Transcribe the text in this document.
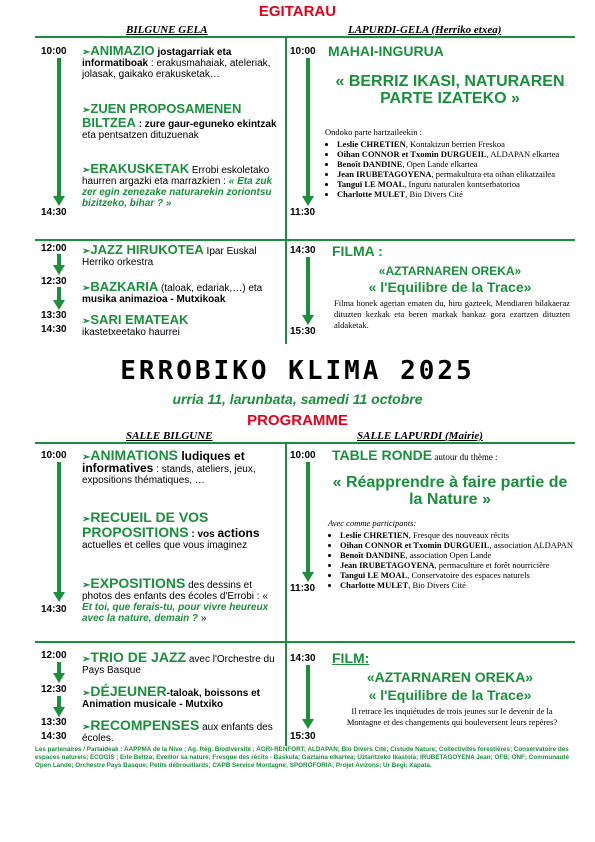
EGITARAU
BILGUNE GELA	LAPURDI-GELA (Herriko etxea)
10:00
14:30
➢ANIMAZIO jostagarriak eta informatiboak : erakusmahaiak, ateleriak, jolasak, gaikako erakusketak…
➢ZUEN PROPOSAMENEN BILTZEA : zure gaur-eguneko ekintzak eta pentsatzen dituzuenak
➢ERAKUSKETAK Errobi eskoletako haurren argazki eta marrazkien : « Eta zuk zer egin zenezake naturarekin zoriontsu bizitzeko, bihar ? »
10:00
11:30
MAHAI-INGURUA
« BERRIZ IKASI, NATURAREN PARTE IZATEKO »
Ondoko parte hartzaileekin :
• Leslie CHRETIEN, Kontakizun berrien Freskoa
• Oihan CONNOR et Txomin DURGUEIL, ALDAPAN elkartea
• Benoît DANDINE, Open Lande elkartea
• Jean IRUBETAGOYENA, permakultura eta oihan elikatzailea
• Tanguï LE MOAL, Inguru naturalen kontserbatorioa
• Charlotte MULET, Bio Divers Cité
12:00
12:30
13:30
14:30
➢JAZZ HIRUKOTEA Ipar Euskal Herriko orkestra
➢BAZKARIA (taloak, edariak,…) eta musika animazioa - Mutxikoak
➢SARI EMATEAK
ikastetxeetako haurrei
14:30
15:30
FILMA :
«AZTARNAREN OREKA»
« l'Equilibre de la Trace»
Filma honek agerian ematen du, hiru gazteek, Mendiaren bilakaeraz dituzten kezkak eta beren markak hankaz gora ezartzen dituzten aldaketak.
ERROBIKO KLIMA 2025
urria 11, larunbata, samedi 11 octobre
PROGRAMME
SALLE BILGUNE	SALLE LAPURDI (Mairie)
10:00
14:30
➢ANIMATIONS ludiques et informatives : stands, ateliers, jeux, expositions thématiques, …
➢RECUEIL DE VOS PROPOSITIONS : vos actions actuelles et celles que vous imaginez
➢EXPOSITIONS des dessins et photos des enfants des écoles d'Errobi : « Et toi, que ferais-tu, pour vivre heureux avec la nature, demain ? »
10:00
11:30
TABLE RONDE autour du thème :
« Réapprendre à faire partie de la Nature »
Avec comme participants:
• Leslie CHRETIEN, Fresque des nouveaux récits
• Oihan CONNOR et Txomin DURGUEIL, association ALDAPAN
• Benoît DANDINE, association Open Lande
• Jean IRUBETAGOYENA, permaculture et forêt nourricière
• Tanguï LE MOAL, Conservatoire des espaces naturels
• Charlotte MULET, Bio Divers Cité
12:00
12:30
13:30
14:30
➢TRIO DE JAZZ avec l'Orchestre du Pays Basque
➢DÉJEUNER-taloak, boissons et Animation musicale - Mutxiko
➢RECOMPENSES aux enfants des écoles.
14:30
15:30
FILM:
«AZTARNAREN OREKA»
« l'Equilibre de la Trace»
Il retrace les inquiétudes de trois jeunes sur le devenir de la Montagne et des changements qui bouleversent leurs repères?
Les partenaires / Partaideak : AAPPMA de la Nive ; Ag. Rég. Biodiversité ; AGRI-RENFORT; ALDAPAN; Bio Divers Cité; Cistude Nature; Collectivités forestières; Conservatoire des espaces naturels; ECOGIS ; Erle Beltza; Eveillor sa nature; Fresque des récits - Baskula; Gaztaina elkartea; Uztaritzeko Ikastola; IRUBETAGOYENA Jean; OFB; ONF; Communauté Open Lande; Orchestre Pays Basque; Petits débrouillards; CAPB Service Montagne; SPOROFORIA; Projet Avizons; Ur Begi; Xapata.
